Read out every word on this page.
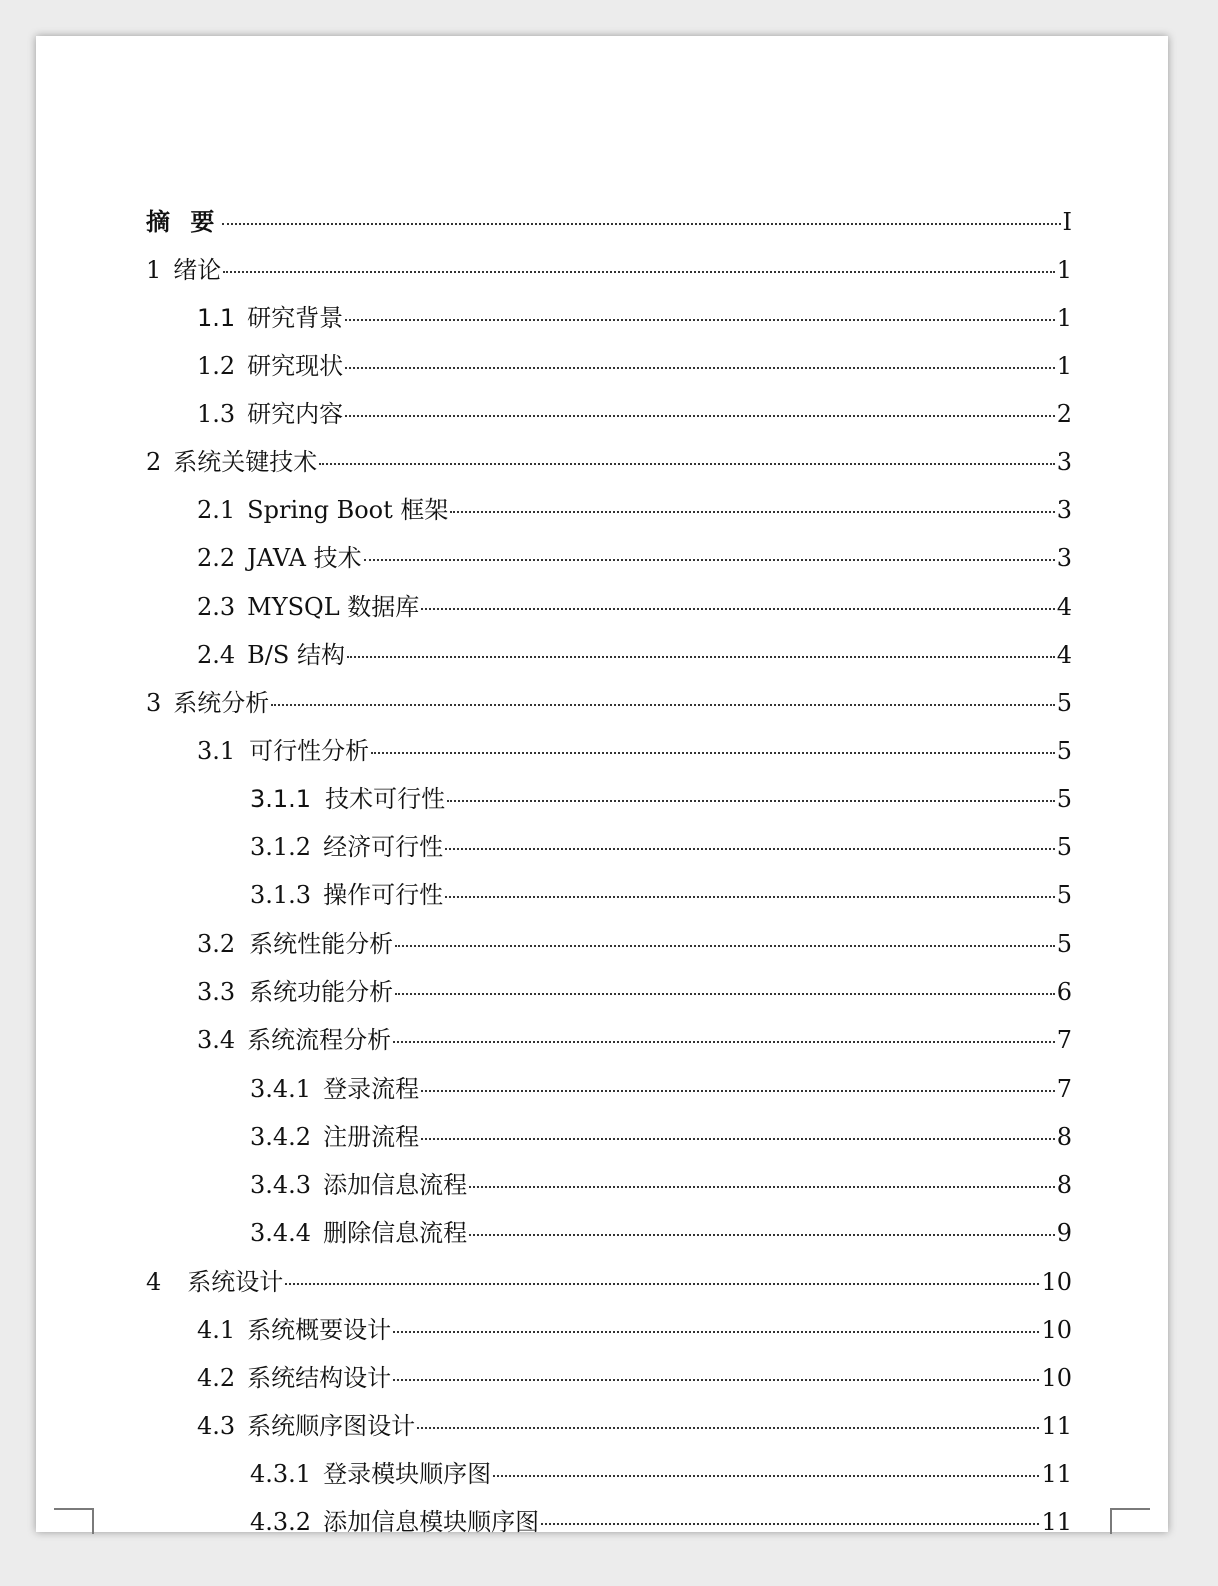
摘 要	I
1 绪论	1
1.1 研究背景	1
1.2 研究现状	1
1.3 研究内容	2
2 系统关键技术	3
2.1 Spring Boot 框架	3
2.2 JAVA 技术	3
2.3 MYSQL 数据库	4
2.4 B/S 结构	4
3 系统分析	5
3.1 可行性分析	5
3.1.1 技术可行性	5
3.1.2 经济可行性	5
3.1.3 操作可行性	5
3.2 系统性能分析	5
3.3 系统功能分析	6
3.4 系统流程分析	7
3.4.1 登录流程	7
3.4.2 注册流程	8
3.4.3 添加信息流程	8
3.4.4 删除信息流程	9
4 系统设计	10
4.1 系统概要设计	10
4.2 系统结构设计	10
4.3 系统顺序图设计	11
4.3.1 登录模块顺序图	11
4.3.2 添加信息模块顺序图	11
